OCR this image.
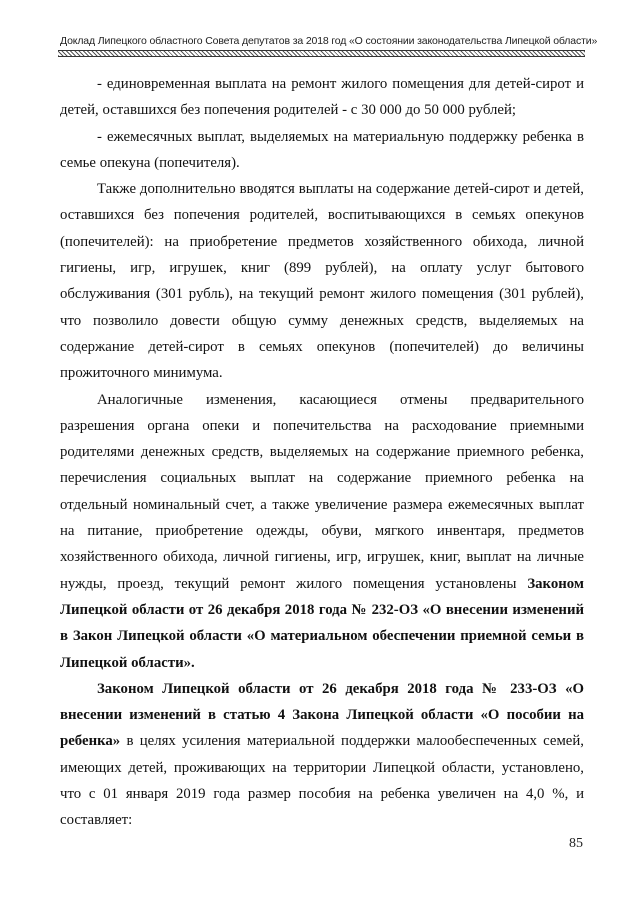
Доклад Липецкого областного Совета депутатов за 2018 год «О состоянии законодательства Липецкой области»

- единовременная выплата на ремонт жилого помещения для детей-сирот и детей, оставшихся без попечения родителей - с 30 000 до 50 000 рублей;

- ежемесячных выплат, выделяемых на материальную поддержку ребенка в семье опекуна (попечителя).

Также дополнительно вводятся выплаты на содержание детей-сирот и детей, оставшихся без попечения родителей, воспитывающихся в семьях опекунов (попечителей): на приобретение предметов хозяйственного обихода, личной гигиены, игр, игрушек, книг (899 рублей), на оплату услуг бытового обслуживания (301 рубль), на текущий ремонт жилого помещения (301 рублей), что позволило довести общую сумму денежных средств, выделяемых на содержание детей-сирот в семьях опекунов (попечителей) до величины прожиточного минимума.

Аналогичные изменения, касающиеся отмены предварительного разрешения органа опеки и попечительства на расходование приемными родителями денежных средств, выделяемых на содержание приемного ребенка, перечисления социальных выплат на содержание приемного ребенка на отдельный номинальный счет, а также увеличение размера ежемесячных выплат на питание, приобретение одежды, обуви, мягкого инвентаря, предметов хозяйственного обихода, личной гигиены, игр, игрушек, книг, выплат на личные нужды, проезд, текущий ремонт жилого помещения установлены Законом Липецкой области от 26 декабря 2018 года № 232-ОЗ «О внесении изменений в Закон Липецкой области «О материальном обеспечении приемной семьи в Липецкой области».

Законом Липецкой области от 26 декабря 2018 года № 233-ОЗ «О внесении изменений в статью 4 Закона Липецкой области «О пособии на ребенка» в целях усиления материальной поддержки малообеспеченных семей, имеющих детей, проживающих на территории Липецкой области, установлено, что с 01 января 2019 года размер пособия на ребенка увеличен на 4,0 %, и составляет:

85
